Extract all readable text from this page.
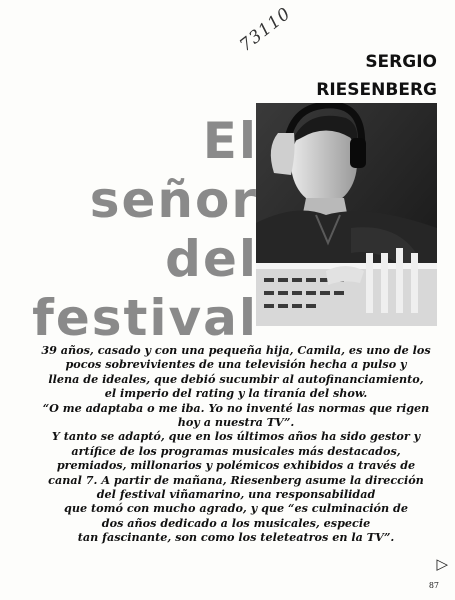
73110
SERGIO
RIESENBERG
El
señor
del
festival

39 años, casado y con una pequeña hija, Camila, es uno de los

pocos sobrevivientes de una televisión hecha a pulso y

llena de ideales, que debió sucumbir al autofinanciamiento,

el imperio del rating y la tiranía del show.

“O me adaptaba o me iba. Yo no inventé las normas que rigen

hoy a nuestra TV”.

Y tanto se adaptó, que en los últimos años ha sido gestor y

artífice de los programas musicales más destacados,

premiados, millonarios y polémicos exhibidos a través de

canal 7. A partir de mañana, Riesenberg asume la dirección

del festival viñamarino, una responsabilidad

que tomó con mucho agrado, y que “es culminación de

dos años dedicado a los musicales, especie

tan fascinante, son como los teleteatros en la TV”.

▷
87
